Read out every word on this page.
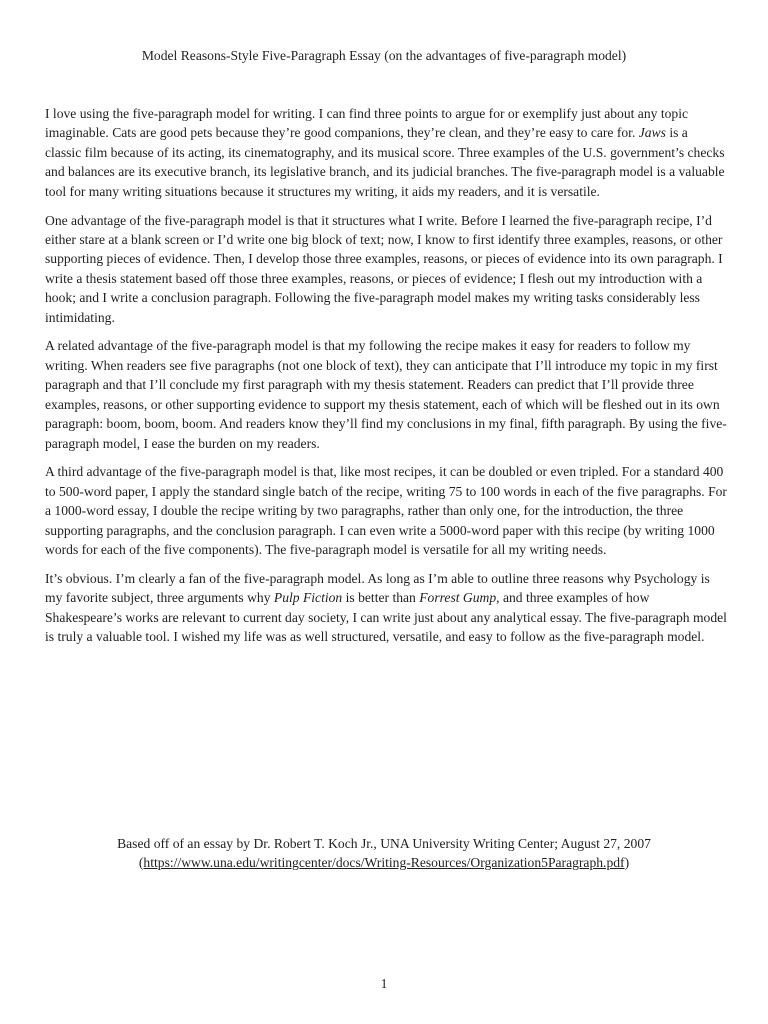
Model Reasons-Style Five-Paragraph Essay (on the advantages of five-paragraph model)

I love using the five-paragraph model for writing. I can find three points to argue for or exemplify just about any topic imaginable. Cats are good pets because they’re good companions, they’re clean, and they’re easy to care for. Jaws is a classic film because of its acting, its cinematography, and its musical score. Three examples of the U.S. government’s checks and balances are its executive branch, its legislative branch, and its judicial branches. The five-paragraph model is a valuable tool for many writing situations because it structures my writing, it aids my readers, and it is versatile.

One advantage of the five-paragraph model is that it structures what I write. Before I learned the five-paragraph recipe, I’d either stare at a blank screen or I’d write one big block of text; now, I know to first identify three examples, reasons, or other supporting pieces of evidence. Then, I develop those three examples, reasons, or pieces of evidence into its own paragraph. I write a thesis statement based off those three examples, reasons, or pieces of evidence; I flesh out my introduction with a hook; and I write a conclusion paragraph. Following the five-paragraph model makes my writing tasks considerably less intimidating.

A related advantage of the five-paragraph model is that my following the recipe makes it easy for readers to follow my writing. When readers see five paragraphs (not one block of text), they can anticipate that I’ll introduce my topic in my first paragraph and that I’ll conclude my first paragraph with my thesis statement. Readers can predict that I’ll provide three examples, reasons, or other supporting evidence to support my thesis statement, each of which will be fleshed out in its own paragraph: boom, boom, boom. And readers know they’ll find my conclusions in my final, fifth paragraph. By using the five-paragraph model, I ease the burden on my readers.

A third advantage of the five-paragraph model is that, like most recipes, it can be doubled or even tripled. For a standard 400 to 500-word paper, I apply the standard single batch of the recipe, writing 75 to 100 words in each of the five paragraphs. For a 1000-word essay, I double the recipe writing by two paragraphs, rather than only one, for the introduction, the three supporting paragraphs, and the conclusion paragraph. I can even write a 5000-word paper with this recipe (by writing 1000 words for each of the five components). The five-paragraph model is versatile for all my writing needs.

It’s obvious. I’m clearly a fan of the five-paragraph model. As long as I’m able to outline three reasons why Psychology is my favorite subject, three arguments why Pulp Fiction is better than Forrest Gump, and three examples of how Shakespeare’s works are relevant to current day society, I can write just about any analytical essay. The five-paragraph model is truly a valuable tool. I wished my life was as well structured, versatile, and easy to follow as the five-paragraph model.

Based off of an essay by Dr. Robert T. Koch Jr., UNA University Writing Center; August 27, 2007
(https://www.una.edu/writingcenter/docs/Writing-Resources/Organization5Paragraph.pdf)
1
